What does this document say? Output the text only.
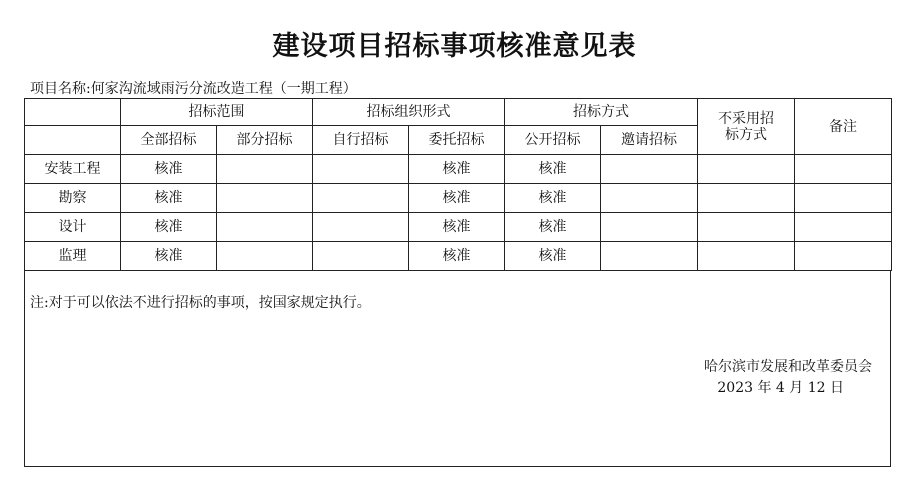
建设项目招标事项核准意见表
项目名称:何家沟流域雨污分流改造工程（一期工程）
	招标范围		招标组织形式		招标方式		不采用招标方式	备注
	全部招标	部分招标	自行招标	委托招标	公开招标	邀请招标		
安装工程	核准			核准	核准			
勘察	核准			核准	核准			
设计	核准			核准	核准			
监理	核准			核准	核准			
注:对于可以依法不进行招标的事项，按国家规定执行。
哈尔滨市发展和改革委员会
2023 年 4 月 12 日
